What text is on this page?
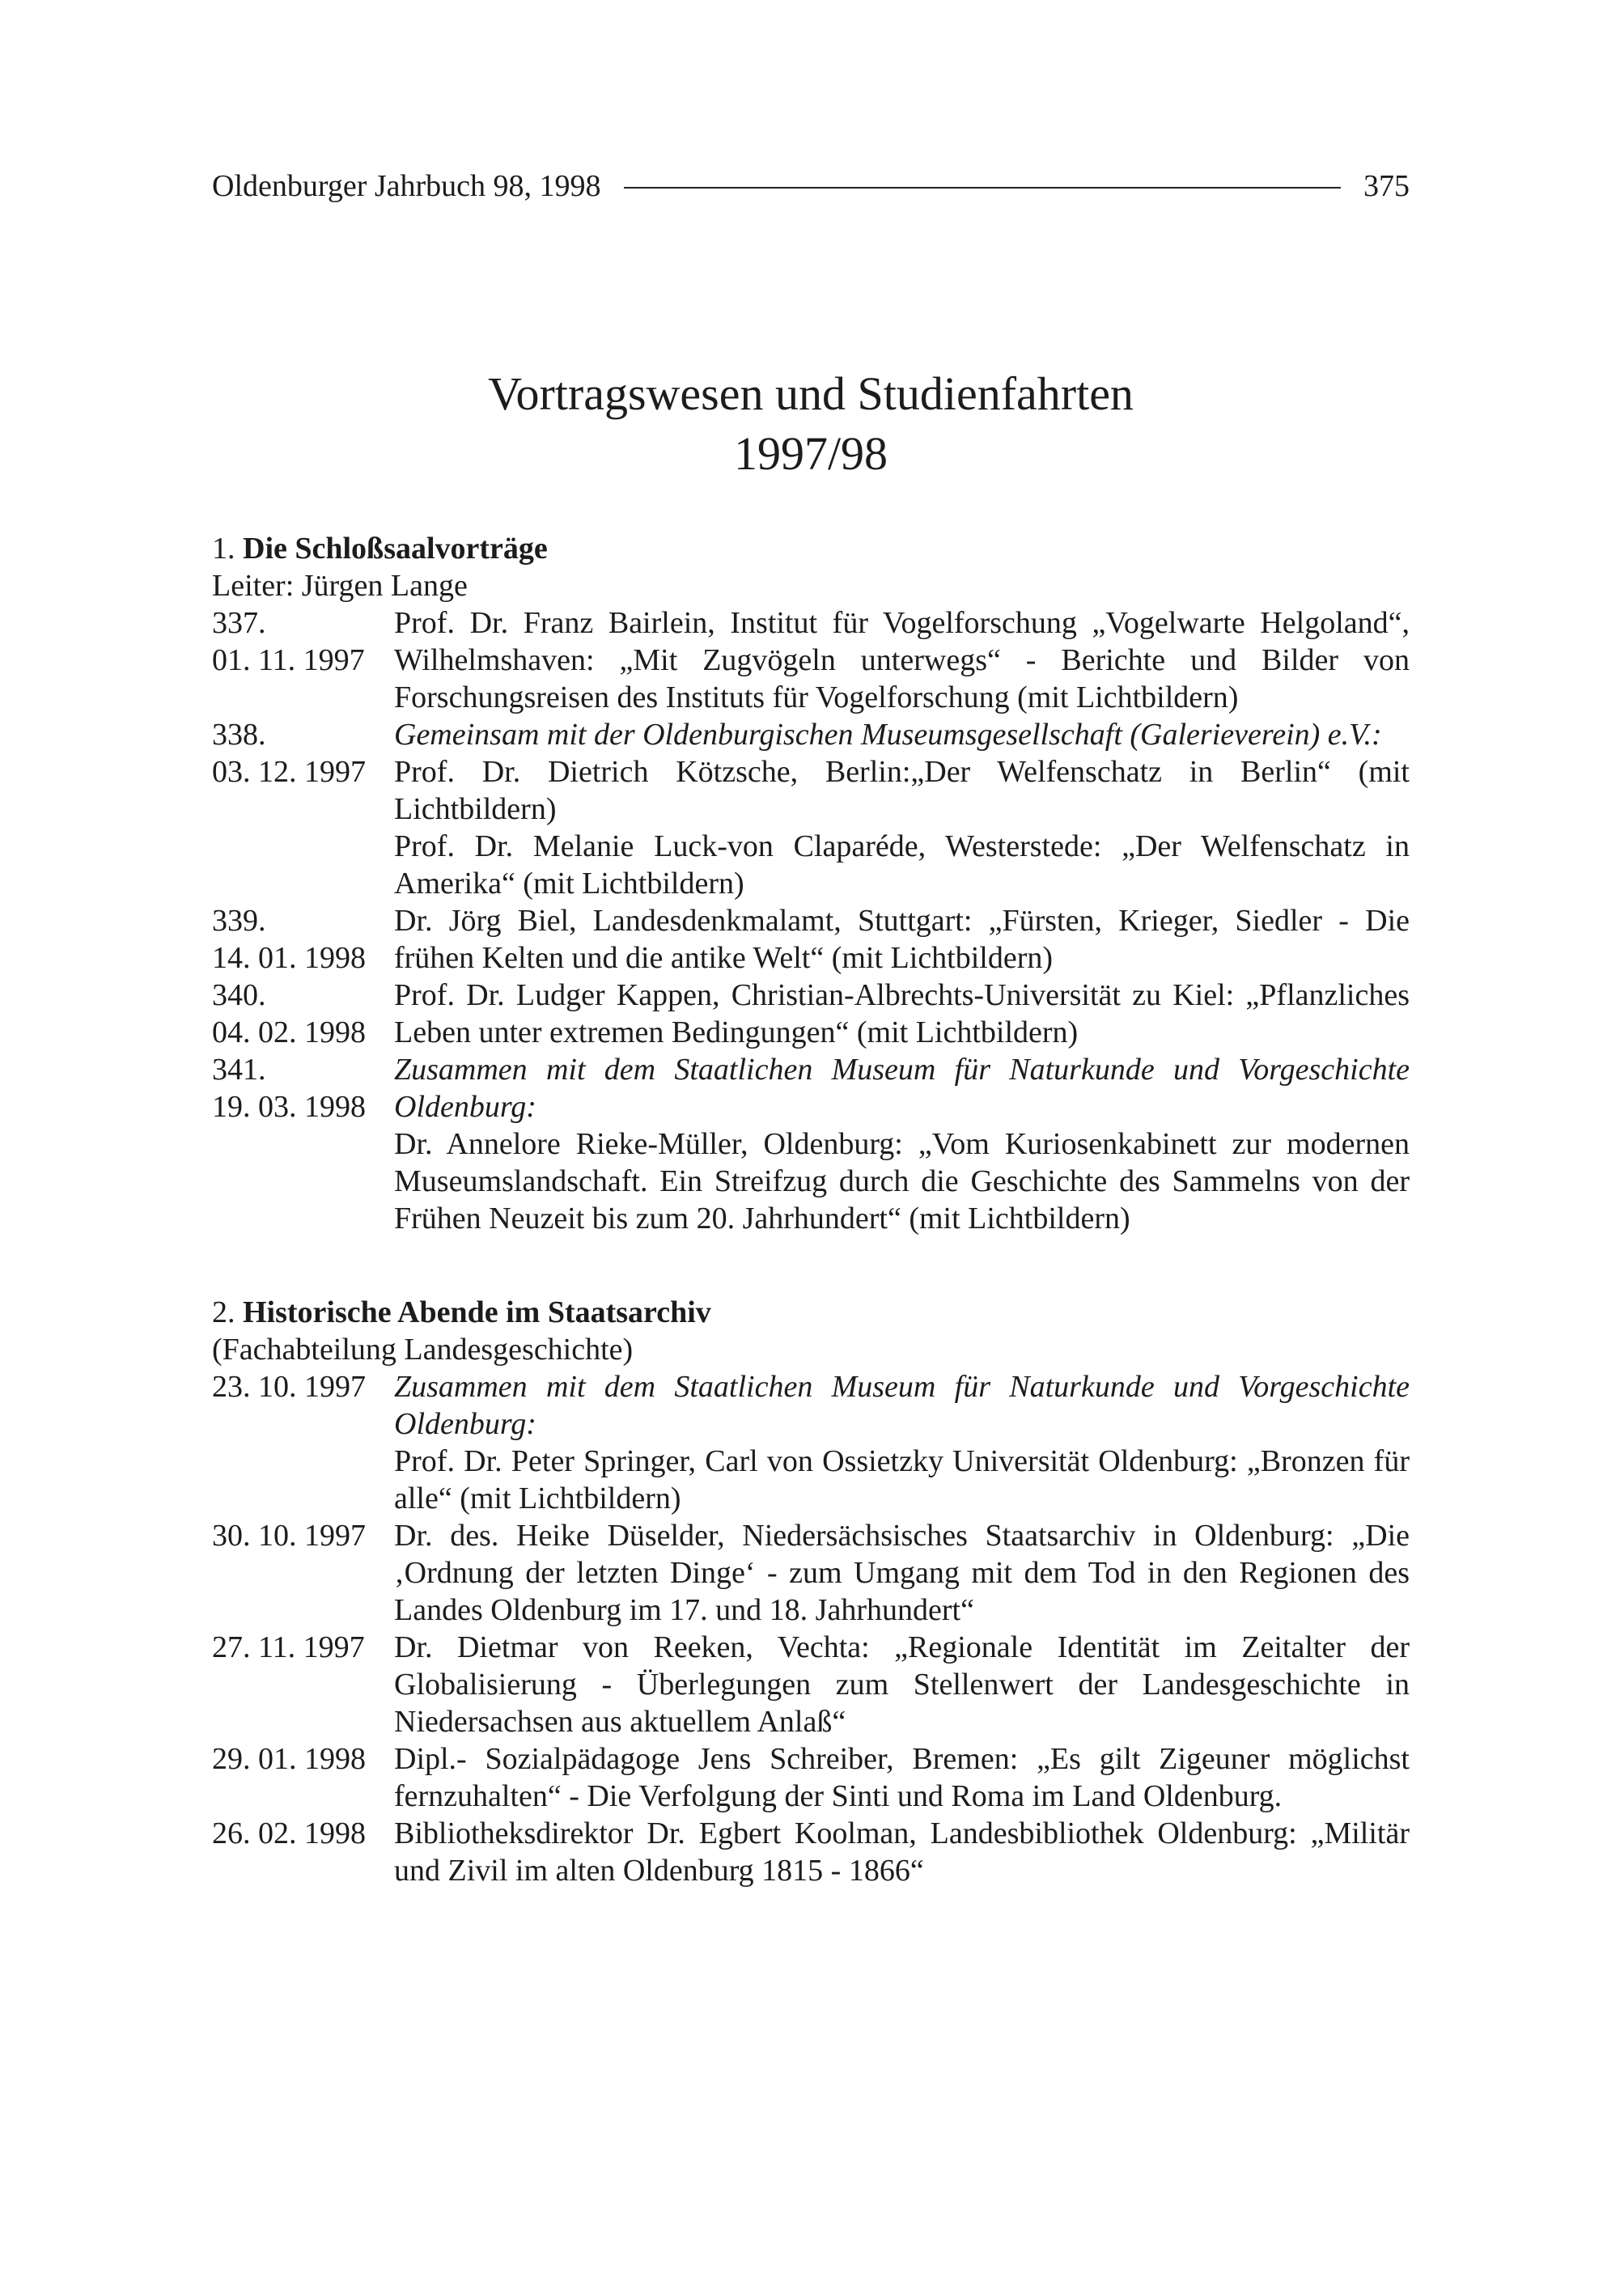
Oldenburger Jahrbuch 98, 1998	375
Vortragswesen und Studienfahrten
1997/98
1. Die Schloßsaalvorträge
Leiter: Jürgen Lange
337.
01. 11. 1997

Prof. Dr. Franz Bairlein, Institut für Vogelforschung „Vogelwarte Helgoland“, Wilhelmshaven: „Mit Zugvögeln unterwegs“ - Berichte und Bilder von Forschungsreisen des Instituts für Vogelforschung (mit Lichtbildern)

338.
03. 12. 1997

Gemeinsam mit der Oldenburgischen Museumsgesellschaft (Galerieverein) e.V.:

Prof. Dr. Dietrich Kötzsche, Berlin:„Der Welfenschatz in Berlin“ (mit Lichtbildern)

Prof. Dr. Melanie Luck-von Claparéde, Westerstede: „Der Welfenschatz in Amerika“ (mit Lichtbildern)

339.
14. 01. 1998

Dr. Jörg Biel, Landesdenkmalamt, Stuttgart: „Fürsten, Krieger, Siedler - Die frühen Kelten und die antike Welt“ (mit Lichtbildern)

340.
04. 02. 1998

Prof. Dr. Ludger Kappen, Christian-Albrechts-Universität zu Kiel: „Pflanzliches Leben unter extremen Bedingungen“ (mit Lichtbildern)

341.
19. 03. 1998

Zusammen mit dem Staatlichen Museum für Naturkunde und Vorgeschichte Oldenburg:

Dr. Annelore Rieke-Müller, Oldenburg: „Vom Kuriosenkabinett zur modernen Museumslandschaft. Ein Streifzug durch die Geschichte des Sammelns von der Frühen Neuzeit bis zum 20. Jahrhundert“ (mit Lichtbildern)

2. Historische Abende im Staatsarchiv
(Fachabteilung Landesgeschichte)
23. 10. 1997 Zusammen mit dem Staatlichen Museum für Naturkunde und Vorgeschichte Oldenburg:

Prof. Dr. Peter Springer, Carl von Ossietzky Universität Oldenburg: „Bronzen für alle“ (mit Lichtbildern)

30. 10. 1997 Dr. des. Heike Düselder, Niedersächsisches Staatsarchiv in Oldenburg: „Die ‚Ordnung der letzten Dinge‘ - zum Umgang mit dem Tod in den Regionen des Landes Oldenburg im 17. und 18. Jahrhundert“

27. 11. 1997 Dr. Dietmar von Reeken, Vechta: „Regionale Identität im Zeitalter der Globalisierung - Überlegungen zum Stellenwert der Landesgeschichte in Niedersachsen aus aktuellem Anlaß“

29. 01. 1998 Dipl.- Sozialpädagoge Jens Schreiber, Bremen: „Es gilt Zigeuner möglichst fernzuhalten“ - Die Verfolgung der Sinti und Roma im Land Oldenburg.

26. 02. 1998 Bibliotheksdirektor Dr. Egbert Koolman, Landesbibliothek Oldenburg: „Militär und Zivil im alten Oldenburg 1815 - 1866“
